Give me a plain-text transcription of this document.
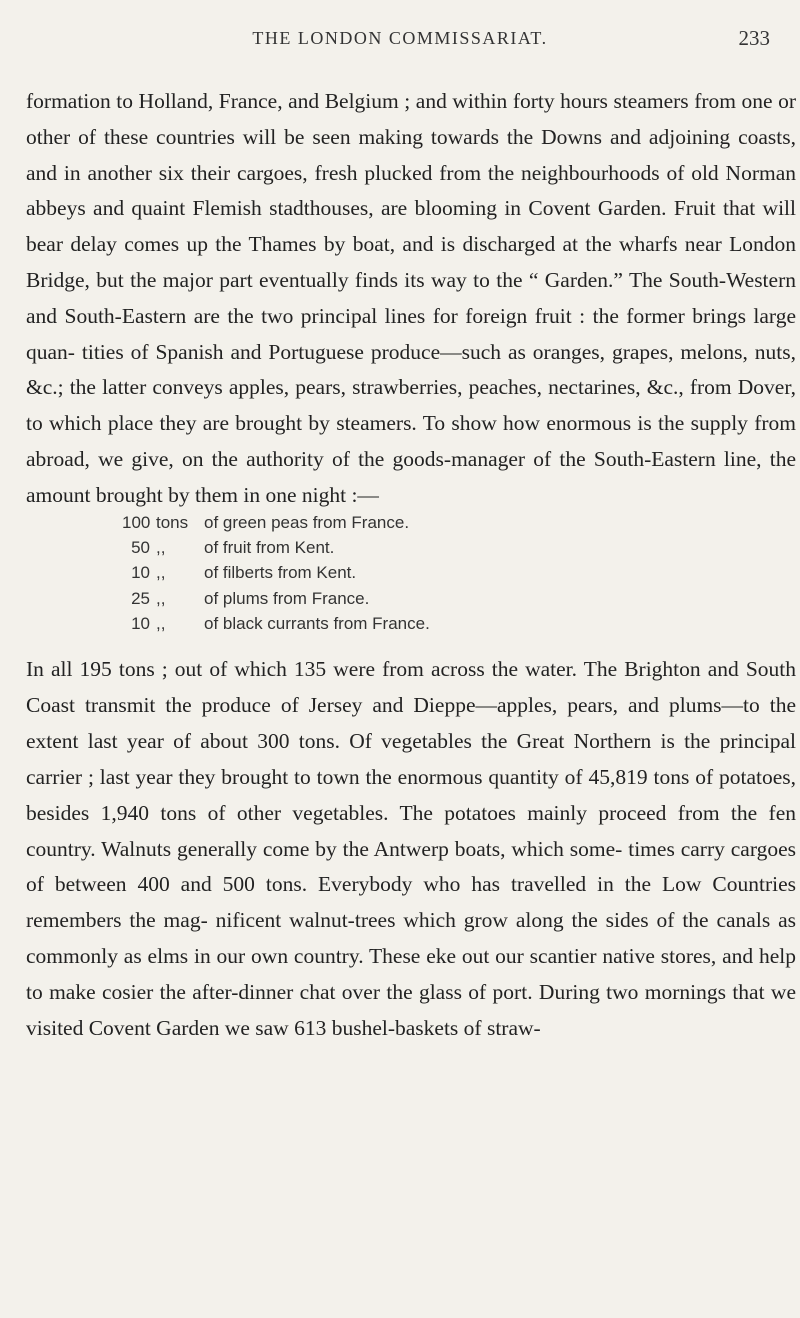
THE LONDON COMMISSARIAT.	233

formation to Holland, France, and Belgium ; and within forty hours steamers from one or other of these countries will be seen making towards the Downs and adjoining coasts, and in another six their cargoes, fresh plucked from the neighbourhoods of old Norman abbeys and quaint Flemish stadthouses, are blooming in Covent Garden. Fruit that will bear delay comes up the Thames by boat, and is discharged at the wharfs near London Bridge, but the major part eventually finds its way to the “ Garden.” The South-Western and South-Eastern are the two principal lines for foreign fruit : the former brings large quan- tities of Spanish and Portuguese produce—such as oranges, grapes, melons, nuts, &c.; the latter conveys apples, pears, strawberries, peaches, nectarines, &c., from Dover, to which place they are brought by steamers. To show how enormous is the supply from abroad, we give, on the authority of the goods-manager of the South-Eastern line, the amount brought by them in one night :—

100 tons of green peas from France.
50 ,,	of fruit from Kent.
10 ,,	of filberts from Kent.
25 ,,	of plums from France.
10 ,,	of black currants from France.

In all 195 tons ; out of which 135 were from across the water. The Brighton and South Coast transmit the produce of Jersey and Dieppe—apples, pears, and plums—to the extent last year of about 300 tons. Of vegetables the Great Northern is the principal carrier ; last year they brought to town the enormous quantity of 45,819 tons of potatoes, besides 1,940 tons of other vegetables. The potatoes mainly proceed from the fen country. Walnuts generally come by the Antwerp boats, which some- times carry cargoes of between 400 and 500 tons. Everybody who has travelled in the Low Countries remembers the mag- nificent walnut-trees which grow along the sides of the canals as commonly as elms in our own country. These eke out our scantier native stores, and help to make cosier the after-dinner chat over the glass of port. During two mornings that we visited Covent Garden we saw 613 bushel-baskets of straw-
